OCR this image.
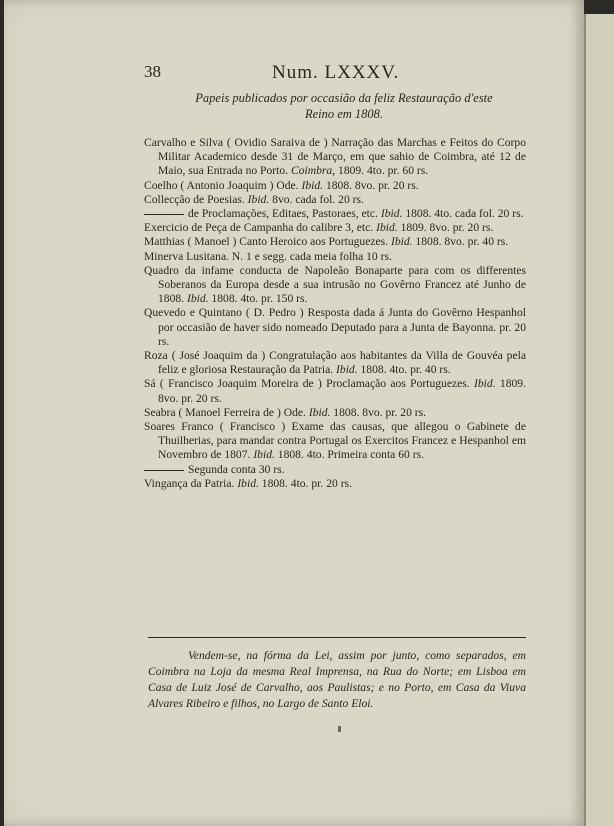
38	Num. LXXXV.
Papeis publicados por occasião da feliz Restauração d'este
Reino em 1808.
Carvalho e Silva ( Ovidio Saraiva de ) Narração das Marchas e Feitos do Corpo Militar Academico desde 31 de Março, em que sahio de Coimbra, até 12 de Maio, sua Entrada no Porto. Coimbra, 1809. 4to. pr. 60 rs.
Coelho ( Antonio Joaquim ) Ode. Ibid. 1808. 8vo. pr. 20 rs.
Collecção de Poesias. Ibid. 8vo. cada fol. 20 rs.
de Proclamações, Editaes, Pastoraes, etc. Ibid. 1808. 4to. cada fol. 20 rs.
Exercicio de Peça de Campanha do calibre 3, etc. Ibid. 1809. 8vo. pr. 20 rs.
Matthias ( Manoel ) Canto Heroico aos Portuguezes. Ibid. 1808. 8vo. pr. 40 rs.
Minerva Lusitana. N. 1 e segg. cada meia folha 10 rs.
Quadro da infame conducta de Napoleão Bonaparte para com os differentes Soberanos da Europa desde a sua intrusão no Govêrno Francez até Junho de 1808. Ibid. 1808. 4to. pr. 150 rs.
Quevedo e Quintano ( D. Pedro ) Resposta dada á Junta do Govêrno Hespanhol por occasião de haver sido nomeado Deputado para a Junta de Bayonna. pr. 20 rs.
Roza ( José Joaquim da ) Congratulação aos habitantes da Villa de Gouvéa pela feliz e gloriosa Restauração da Patria. Ibid. 1808. 4to. pr. 40 rs.
Sá ( Francisco Joaquim Moreira de ) Proclamação aos Portuguezes. Ibid. 1809. 8vo. pr. 20 rs.
Seabra ( Manoel Ferreira de ) Ode. Ibid. 1808. 8vo. pr. 20 rs.
Soares Franco ( Francisco ) Exame das causas, que allegou o Gabinete de Thuilherias, para mandar contra Portugal os Exercitos Francez e Hespanhol em Novembro de 1807. Ibid. 1808. 4to. Primeira conta 60 rs.
Segunda conta 30 rs.
Vingança da Patria. Ibid. 1808. 4to. pr. 20 rs.
Vendem-se, na fórma da Lei, assim por junto, como separados, em Coimbra na Loja da mesma Real Imprensa, na Rua do Norte; em Lisboa em Casa de Luiz José de Carvalho, aos Paulistas; e no Porto, em Casa da Viuva Alvares Ribeiro e filhos, no Largo de Santo Eloi.
